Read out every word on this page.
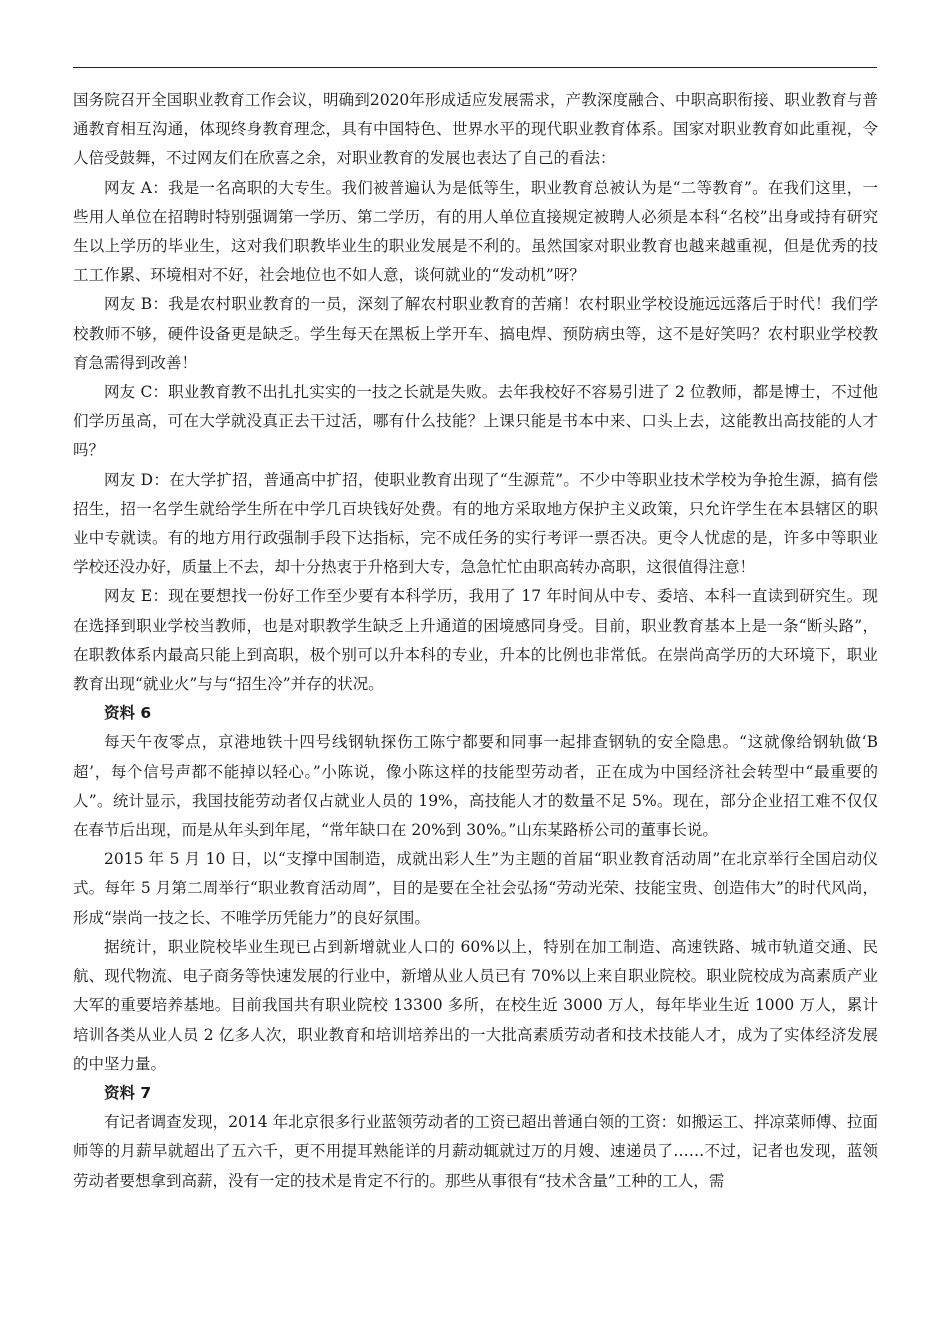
国务院召开全国职业教育工作会议，明确到2020年形成适应发展需求，产教深度融合、中职高职衔接、职业教育与普通教育相互沟通，体现终身教育理念，具有中国特色、世界水平的现代职业教育体系。国家对职业教育如此重视，令人倍受鼓舞，不过网友们在欣喜之余，对职业教育的发展也表达了自己的看法：

网友 A：我是一名高职的大专生。我们被普遍认为是低等生，职业教育总被认为是“二等教育”。在我们这里，一些用人单位在招聘时特别强调第一学历、第二学历，有的用人单位直接规定被聘人必须是本科“名校”出身或持有研究生以上学历的毕业生，这对我们职教毕业生的职业发展是不利的。虽然国家对职业教育也越来越重视，但是优秀的技工工作累、环境相对不好，社会地位也不如人意，谈何就业的“发动机”呀？

网友 B：我是农村职业教育的一员，深刻了解农村职业教育的苦痛！农村职业学校设施远远落后于时代！我们学校教师不够，硬件设备更是缺乏。学生每天在黑板上学开车、搞电焊、预防病虫等，这不是好笑吗？农村职业学校教育急需得到改善！

网友 C：职业教育教不出扎扎实实的一技之长就是失败。去年我校好不容易引进了 2 位教师，都是博士，不过他们学历虽高，可在大学就没真正去干过活，哪有什么技能？上课只能是书本中来、口头上去，这能教出高技能的人才吗？

网友 D：在大学扩招，普通高中扩招，使职业教育出现了“生源荒”。不少中等职业技术学校为争抢生源，搞有偿招生，招一名学生就给学生所在中学几百块钱好处费。有的地方采取地方保护主义政策，只允许学生在本县辖区的职业中专就读。有的地方用行政强制手段下达指标，完不成任务的实行考评一票否决。更令人忧虑的是，许多中等职业学校还没办好，质量上不去，却十分热衷于升格到大专，急急忙忙由职高转办高职，这很值得注意！

网友 E：现在要想找一份好工作至少要有本科学历，我用了 17 年时间从中专、委培、本科一直读到研究生。现在选择到职业学校当教师，也是对职教学生缺乏上升通道的困境感同身受。目前，职业教育基本上是一条“断头路”，在职教体系内最高只能上到高职，极个别可以升本科的专业，升本的比例也非常低。在崇尚高学历的大环境下，职业教育出现“就业火”与与“招生冷”并存的状况。

资料 6

每天午夜零点，京港地铁十四号线钢轨探伤工陈宁都要和同事一起排查钢轨的安全隐患。“这就像给钢轨做‘B 超’，每个信号声都不能掉以轻心。”小陈说，像小陈这样的技能型劳动者，正在成为中国经济社会转型中“最重要的人”。统计显示，我国技能劳动者仅占就业人员的 19%，高技能人才的数量不足 5%。现在，部分企业招工难不仅仅在春节后出现，而是从年头到年尾，“常年缺口在 20%到 30%。”山东某路桥公司的董事长说。

2015 年 5 月 10 日，以“支撑中国制造，成就出彩人生”为主题的首届“职业教育活动周”在北京举行全国启动仪式。每年 5 月第二周举行“职业教育活动周”，目的是要在全社会弘扬“劳动光荣、技能宝贵、创造伟大”的时代风尚，形成“崇尚一技之长、不唯学历凭能力”的良好氛围。

据统计，职业院校毕业生现已占到新增就业人口的 60%以上，特别在加工制造、高速铁路、城市轨道交通、民航、现代物流、电子商务等快速发展的行业中，新增从业人员已有 70%以上来自职业院校。职业院校成为高素质产业大军的重要培养基地。目前我国共有职业院校 13300 多所，在校生近 3000 万人，每年毕业生近 1000 万人，累计培训各类从业人员 2 亿多人次，职业教育和培训培养出的一大批高素质劳动者和技术技能人才，成为了实体经济发展的中坚力量。

资料 7

有记者调查发现，2014 年北京很多行业蓝领劳动者的工资已超出普通白领的工资：如搬运工、拌凉菜师傅、拉面师等的月薪早就超出了五六千，更不用提耳熟能详的月薪动辄就过万的月嫂、速递员了……不过，记者也发现，蓝领劳动者要想拿到高薪，没有一定的技术是肯定不行的。那些从事很有“技术含量”工种的工人，需
